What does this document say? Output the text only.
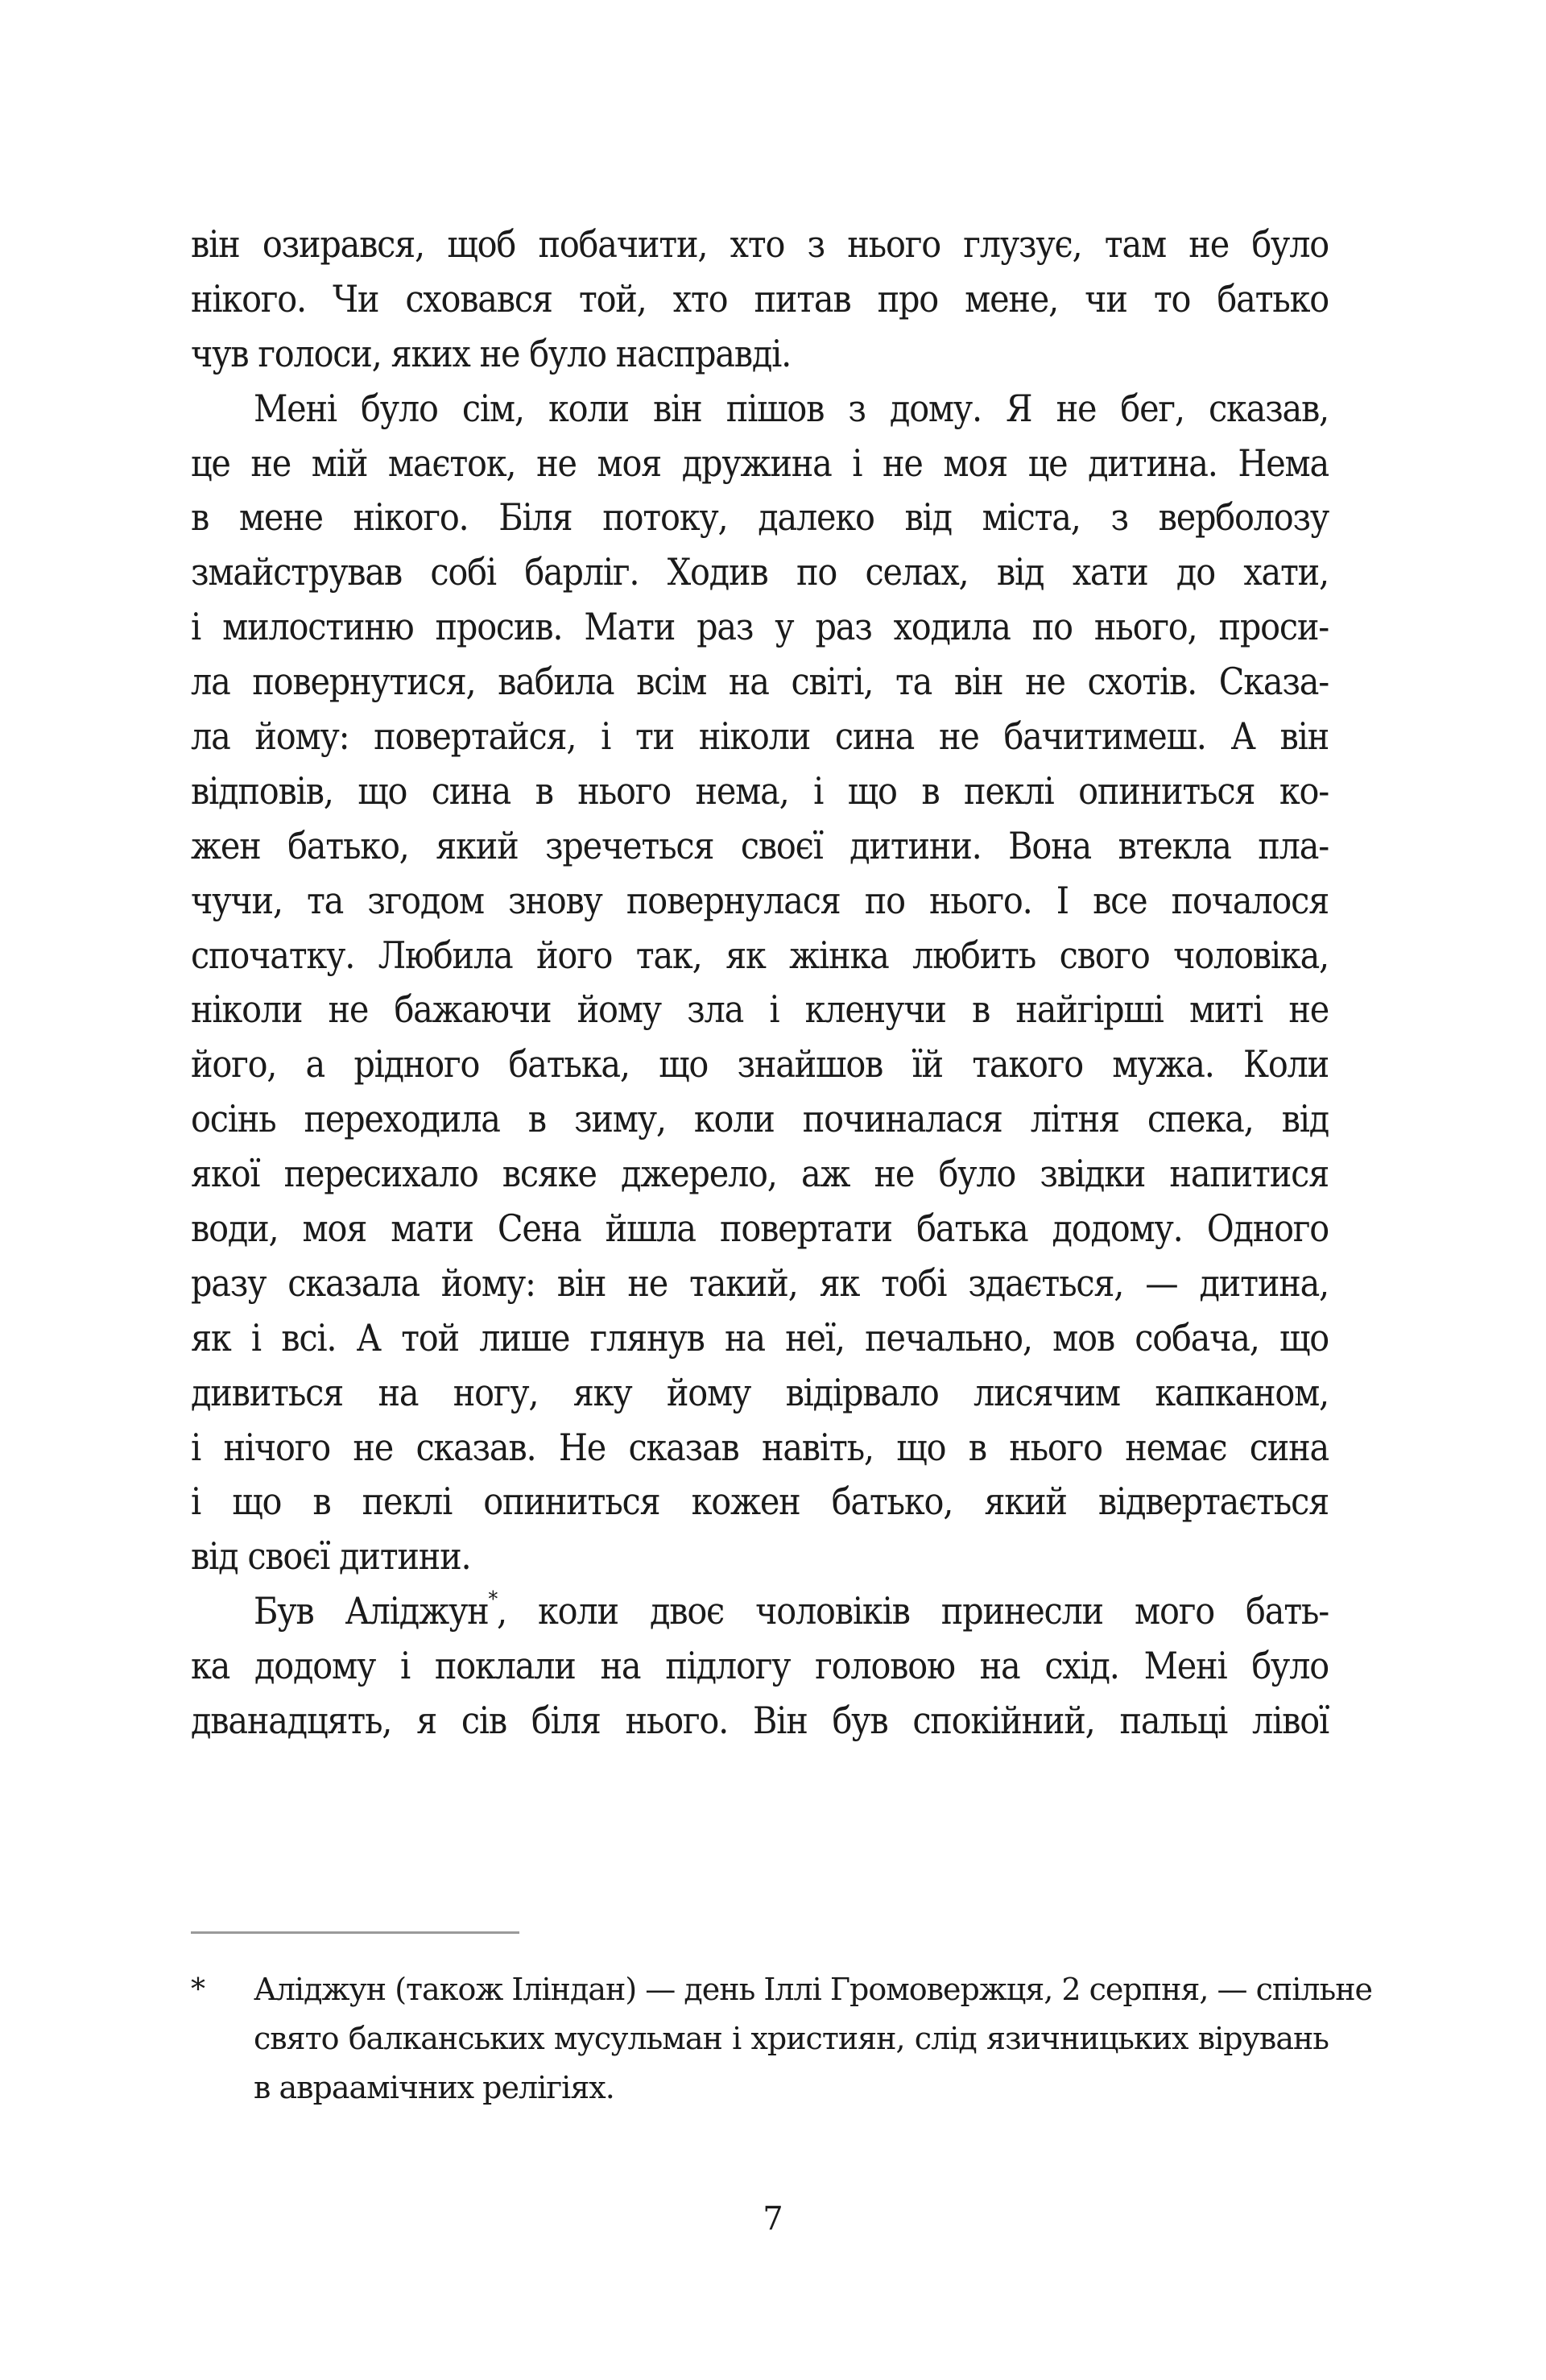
він озирався, щоб побачити, хто з нього глузує, там не було
нікого. Чи сховався той, хто питав про мене, чи то батько
чув голоси, яких не було насправді.
Мені було сім, коли він пішов з дому. Я не бег, сказав,
це не мій маєток, не моя дружина і не моя це дитина. Нема
в мене нікого. Біля потоку, далеко від міста, з верболозу
змайстрував собі барліг. Ходив по селах, від хати до хати,
і милостиню просив. Мати раз у раз ходила по нього, проси-
ла повернутися, вабила всім на світі, та він не схотів. Сказа-
ла йому: повертайся, і ти ніколи сина не бачитимеш. А він
відповів, що сина в нього нема, і що в пеклі опиниться ко-
жен батько, який зречеться своєї дитини. Вона втекла пла-
чучи, та згодом знову повернулася по нього. І все почалося
спочатку. Любила його так, як жінка любить свого чоловіка,
ніколи не бажаючи йому зла і кленучи в найгірші миті не
його, а рідного батька, що знайшов їй такого мужа. Коли
осінь переходила в зиму, коли починалася літня спека, від
якої пересихало всяке джерело, аж не було звідки напитися
води, моя мати Сена йшла повертати батька додому. Одного
разу сказала йому: він не такий, як тобі здається, — дитина,
як і всі. А той лише глянув на неї, печально, мов собача, що
дивиться на ногу, яку йому відірвало лисячим капканом,
і нічого не сказав. Не сказав навіть, що в нього немає сина
і що в пеклі опиниться кожен батько, який відвертається
від своєї дитини.
Був Аліджун*, коли двоє чоловіків принесли мого бать-
ка додому і поклали на підлогу головою на схід. Мені було
дванадцять, я сів біля нього. Він був спокійний, пальці лівої
* Аліджун (також Іліндан) — день Іллі Громовержця, 2 серпня, — спільне
свято балканських мусульман і християн, слід язичницьких вірувань
в авраамічних релігіях.
7
